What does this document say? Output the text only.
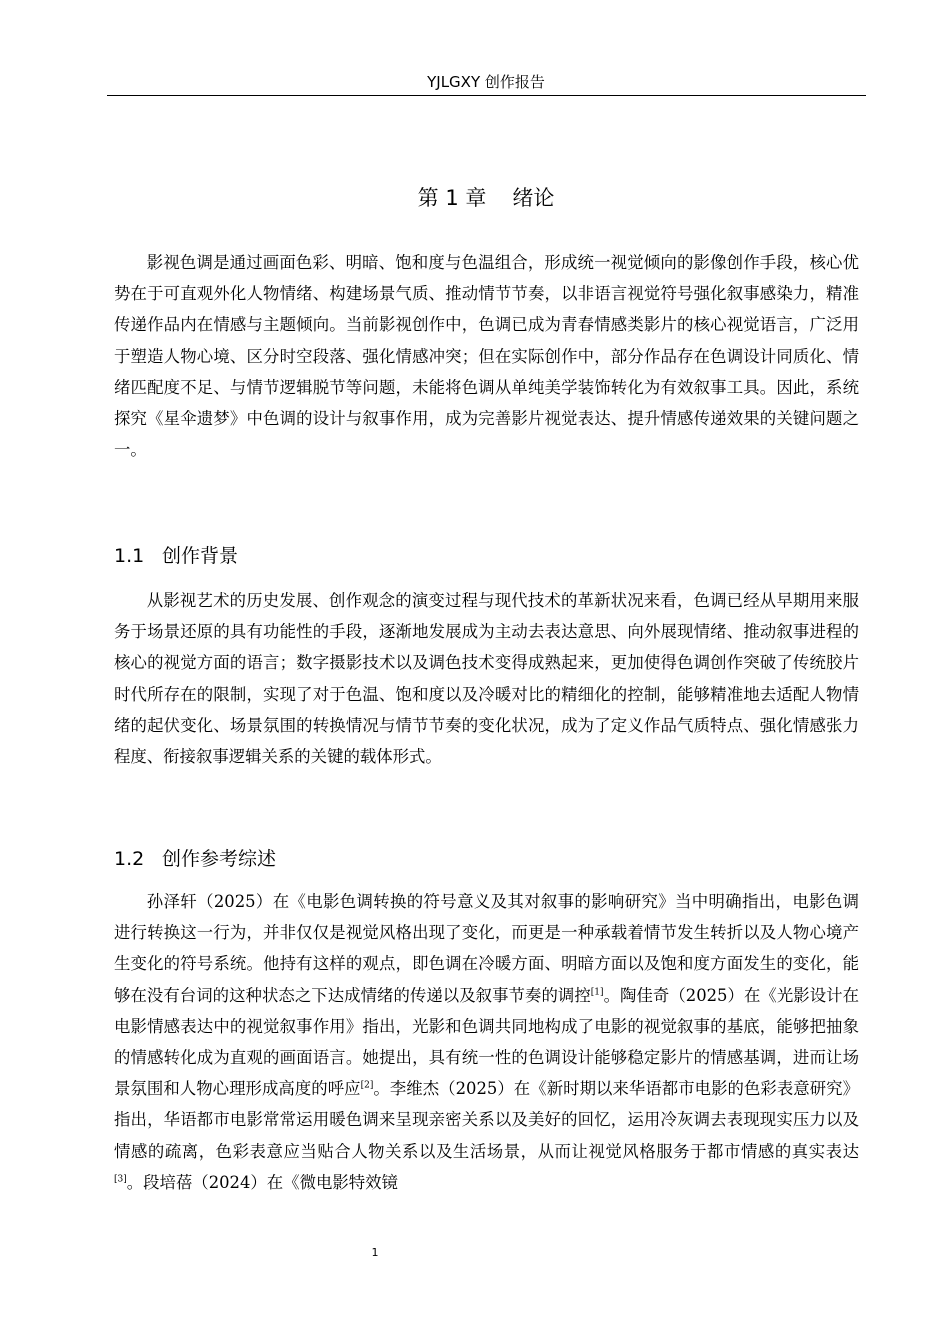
YJLGXY 创作报告
第 1 章 绪论

影视色调是通过画面色彩、明暗、饱和度与色温组合，形成统一视觉倾向的影像创作手段，核心优势在于可直观外化人物情绪、构建场景气质、推动情节节奏，以非语言视觉符号强化叙事感染力，精准传递作品内在情感与主题倾向。当前影视创作中，色调已成为青春情感类影片的核心视觉语言，广泛用于塑造人物心境、区分时空段落、强化情感冲突；但在实际创作中，部分作品存在色调设计同质化、情绪匹配度不足、与情节逻辑脱节等问题，未能将色调从单纯美学装饰转化为有效叙事工具。因此，系统探究《星伞遗梦》中色调的设计与叙事作用，成为完善影片视觉表达、提升情感传递效果的关键问题之一。

1.1 创作背景

从影视艺术的历史发展、创作观念的演变过程与现代技术的革新状况来看，色调已经从早期用来服务于场景还原的具有功能性的手段，逐渐地发展成为主动去表达意思、向外展现情绪、推动叙事进程的核心的视觉方面的语言；数字摄影技术以及调色技术变得成熟起来，更加使得色调创作突破了传统胶片时代所存在的限制，实现了对于色温、饱和度以及冷暖对比的精细化的控制，能够精准地去适配人物情绪的起伏变化、场景氛围的转换情况与情节节奏的变化状况，成为了定义作品气质特点、强化情感张力程度、衔接叙事逻辑关系的关键的载体形式。

1.2 创作参考综述

孙泽轩（2025）在《电影色调转换的符号意义及其对叙事的影响研究》当中明确指出，电影色调进行转换这一行为，并非仅仅是视觉风格出现了变化，而更是一种承载着情节发生转折以及人物心境产生变化的符号系统。他持有这样的观点，即色调在冷暖方面、明暗方面以及饱和度方面发生的变化，能够在没有台词的这种状态之下达成情绪的传递以及叙事节奏的调控[1]。陶佳奇（2025）在《光影设计在电影情感表达中的视觉叙事作用》指出，光影和色调共同地构成了电影的视觉叙事的基底，能够把抽象的情感转化成为直观的画面语言。她提出，具有统一性的色调设计能够稳定影片的情感基调，进而让场景氛围和人物心理形成高度的呼应[2]。李维杰（2025）在《新时期以来华语都市电影的色彩表意研究》指出，华语都市电影常常运用暖色调来呈现亲密关系以及美好的回忆，运用冷灰调去表现现实压力以及情感的疏离，色彩表意应当贴合人物关系以及生活场景，从而让视觉风格服务于都市情感的真实表达[3]。段培蓓（2024）在《微电影特效镜

1
